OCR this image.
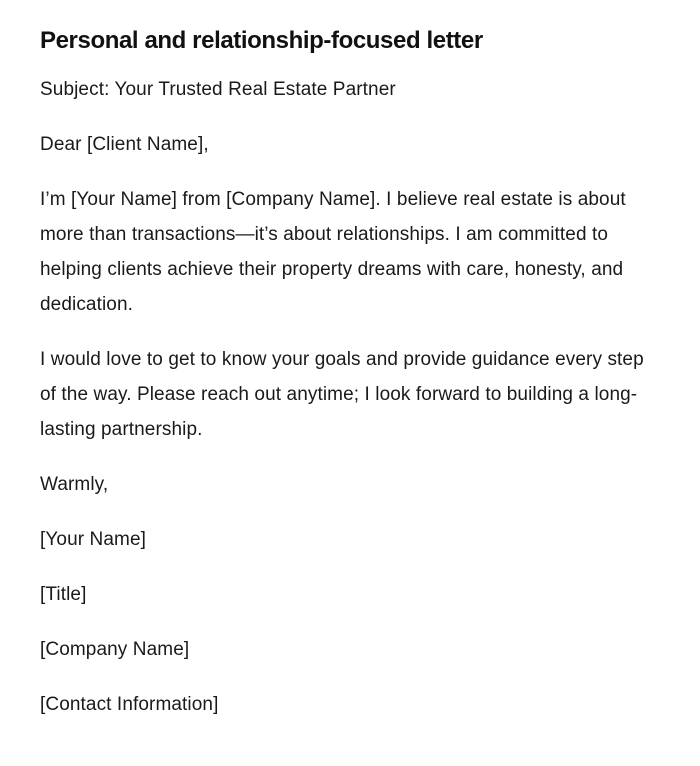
Personal and relationship-focused letter

Subject: Your Trusted Real Estate Partner

Dear [Client Name],

I’m [Your Name] from [Company Name]. I believe real estate is about more than transactions—it’s about relationships. I am committed to helping clients achieve their property dreams with care, honesty, and dedication.

I would love to get to know your goals and provide guidance every step of the way. Please reach out anytime; I look forward to building a long-lasting partnership.

Warmly,

[Your Name]

[Title]

[Company Name]

[Contact Information]
